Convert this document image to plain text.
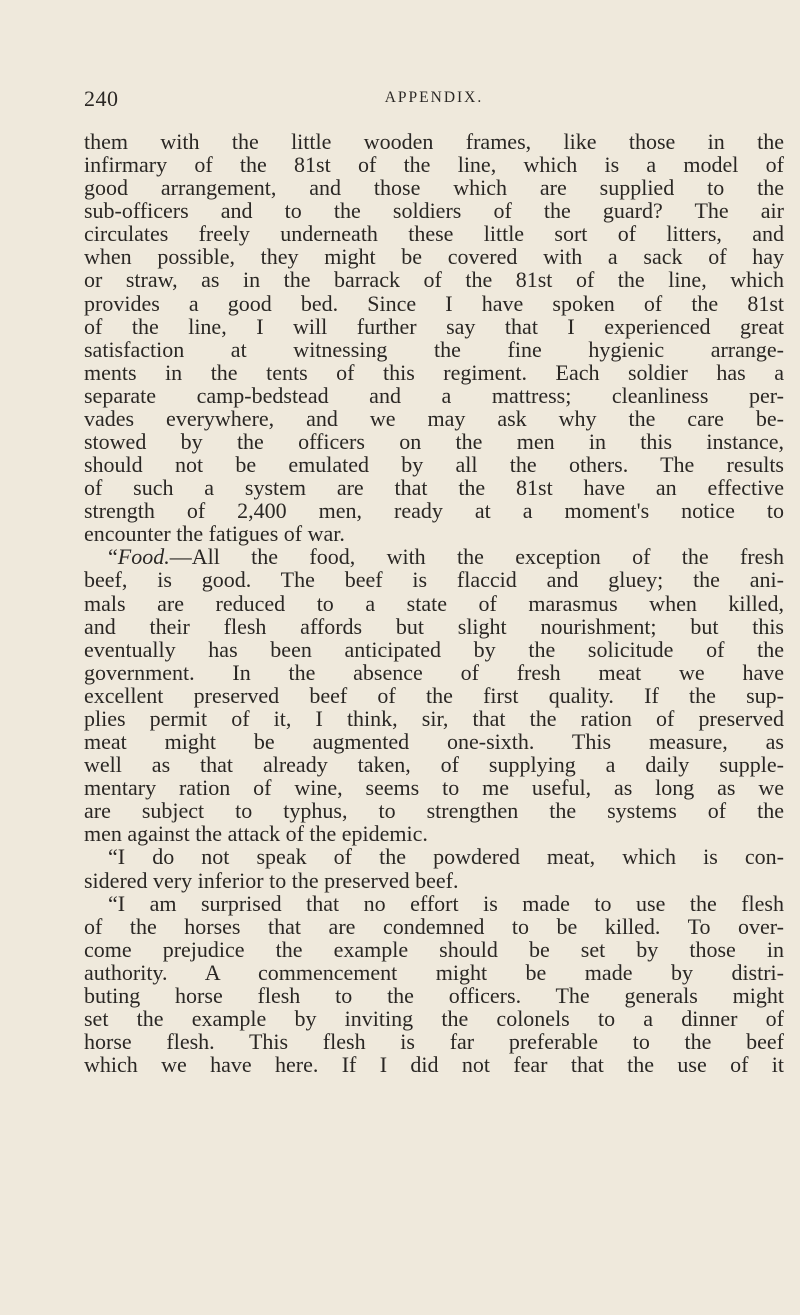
240	APPENDIX.
them with the little wooden frames, like those in the
infirmary of the 81st of the line, which is a model of
good arrangement, and those which are supplied to the
sub-officers and to the soldiers of the guard? The air
circulates freely underneath these little sort of litters, and
when possible, they might be covered with a sack of hay
or straw, as in the barrack of the 81st of the line, which
provides a good bed. Since I have spoken of the 81st
of the line, I will further say that I experienced great
satisfaction at witnessing the fine hygienic arrange-
ments in the tents of this regiment. Each soldier has a
separate camp-bedstead and a mattress; cleanliness per-
vades everywhere, and we may ask why the care be-
stowed by the officers on the men in this instance,
should not be emulated by all the others. The results
of such a system are that the 81st have an effective
strength of 2,400 men, ready at a moment's notice to
encounter the fatigues of war.
“Food.—All the food, with the exception of the fresh
beef, is good. The beef is flaccid and gluey; the ani-
mals are reduced to a state of marasmus when killed,
and their flesh affords but slight nourishment; but this
eventually has been anticipated by the solicitude of the
government. In the absence of fresh meat we have
excellent preserved beef of the first quality. If the sup-
plies permit of it, I think, sir, that the ration of preserved
meat might be augmented one-sixth. This measure, as
well as that already taken, of supplying a daily supple-
mentary ration of wine, seems to me useful, as long as we
are subject to typhus, to strengthen the systems of the
men against the attack of the epidemic.
“I do not speak of the powdered meat, which is con-
sidered very inferior to the preserved beef.
“I am surprised that no effort is made to use the flesh
of the horses that are condemned to be killed. To over-
come prejudice the example should be set by those in
authority. A commencement might be made by distri-
buting horse flesh to the officers. The generals might
set the example by inviting the colonels to a dinner of
horse flesh. This flesh is far preferable to the beef
which we have here. If I did not fear that the use of it
